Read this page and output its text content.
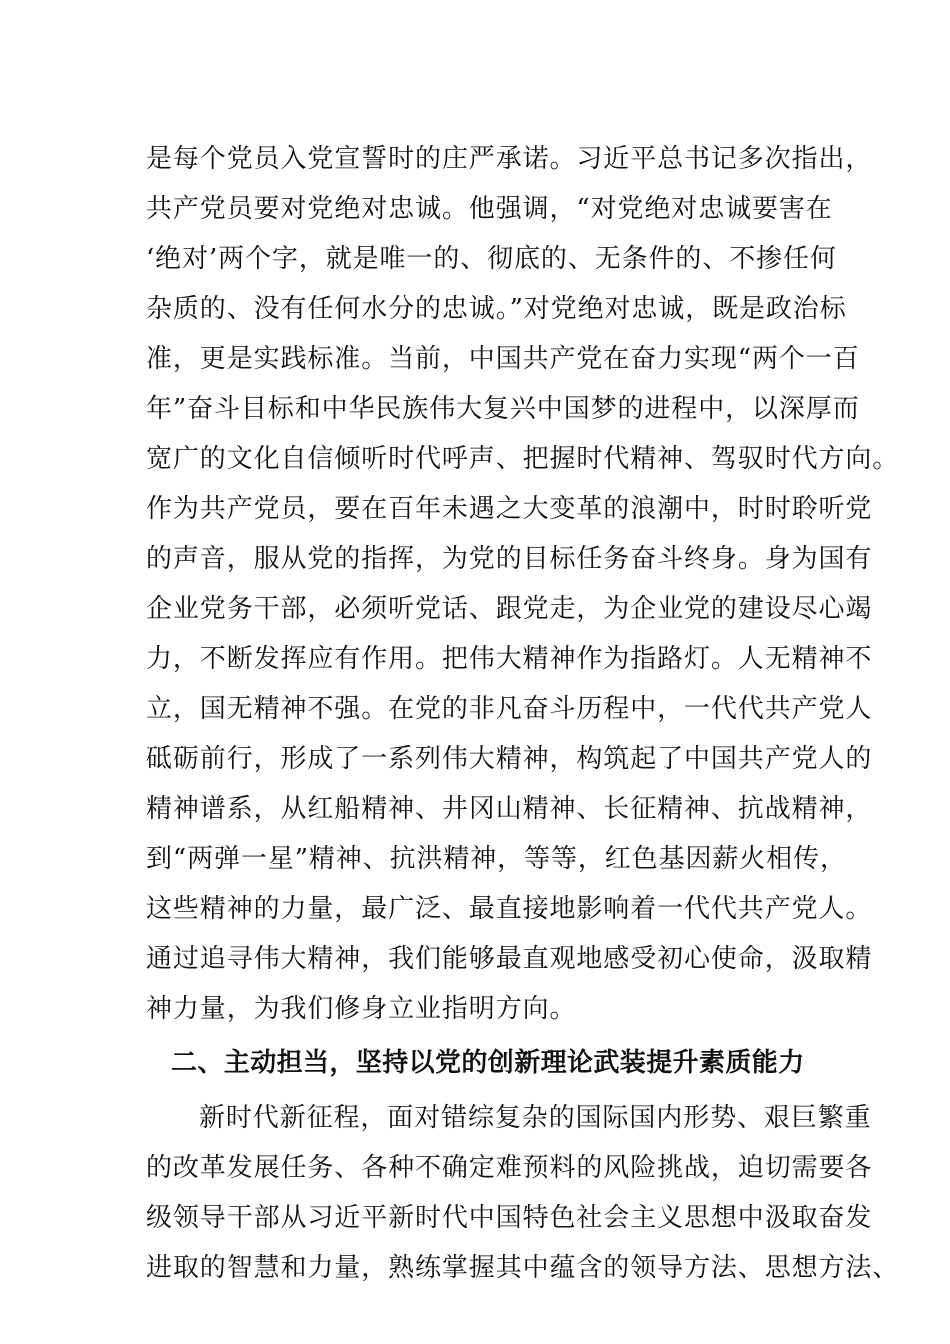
是每个党员入党宣誓时的庄严承诺。习近平总书记多次指出，
共产党员要对党绝对忠诚。他强调，“对党绝对忠诚要害在
‘绝对’两个字，就是唯一的、彻底的、无条件的、不掺任何
杂质的、没有任何水分的忠诚。”对党绝对忠诚，既是政治标
准，更是实践标准。当前，中国共产党在奋力实现“两个一百
年”奋斗目标和中华民族伟大复兴中国梦的进程中，以深厚而
宽广的文化自信倾听时代呼声、把握时代精神、驾驭时代方向。
作为共产党员，要在百年未遇之大变革的浪潮中，时时聆听党
的声音，服从党的指挥，为党的目标任务奋斗终身。身为国有
企业党务干部，必须听党话、跟党走，为企业党的建设尽心竭
力，不断发挥应有作用。把伟大精神作为指路灯。人无精神不
立，国无精神不强。在党的非凡奋斗历程中，一代代共产党人
砥砺前行，形成了一系列伟大精神，构筑起了中国共产党人的
精神谱系，从红船精神、井冈山精神、长征精神、抗战精神，
到“两弹一星”精神、抗洪精神，等等，红色基因薪火相传，
这些精神的力量，最广泛、最直接地影响着一代代共产党人。
通过追寻伟大精神，我们能够最直观地感受初心使命，汲取精
神力量，为我们修身立业指明方向。
二、主动担当，坚持以党的创新理论武装提升素质能力
新时代新征程，面对错综复杂的国际国内形势、艰巨繁重
的改革发展任务、各种不确定难预料的风险挑战，迫切需要各
级领导干部从习近平新时代中国特色社会主义思想中汲取奋发
进取的智慧和力量，熟练掌握其中蕴含的领导方法、思想方法、
